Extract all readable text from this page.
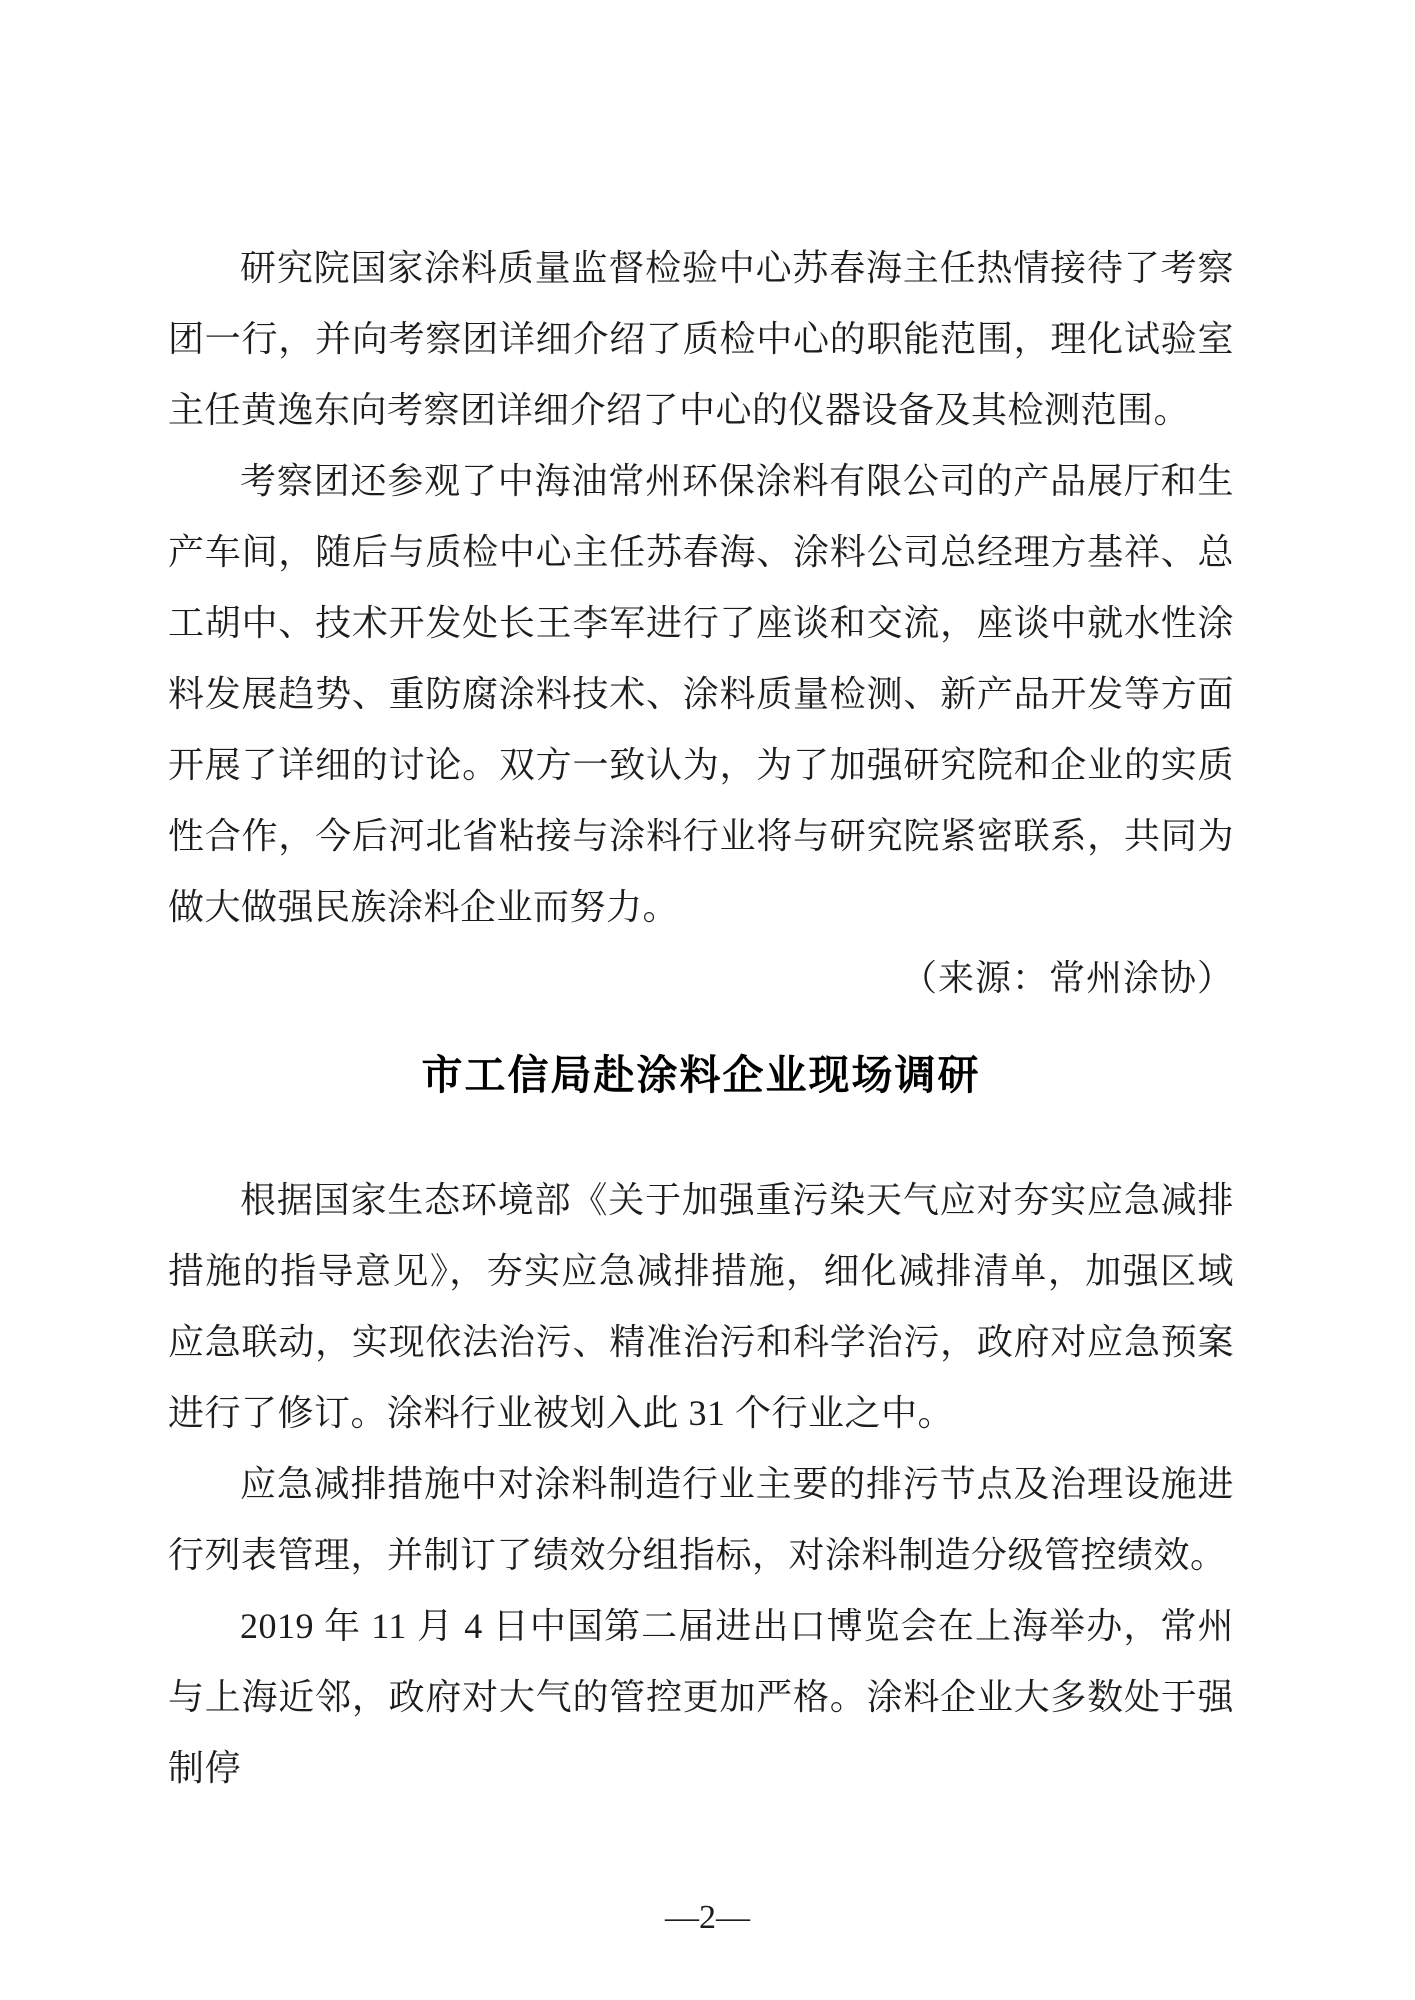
研究院国家涂料质量监督检验中心苏春海主任热情接待了考察团一行，并向考察团详细介绍了质检中心的职能范围，理化试验室主任黄逸东向考察团详细介绍了中心的仪器设备及其检测范围。

考察团还参观了中海油常州环保涂料有限公司的产品展厅和生产车间，随后与质检中心主任苏春海、涂料公司总经理方基祥、总工胡中、技术开发处长王李军进行了座谈和交流，座谈中就水性涂料发展趋势、重防腐涂料技术、涂料质量检测、新产品开发等方面开展了详细的讨论。双方一致认为，为了加强研究院和企业的实质性合作，今后河北省粘接与涂料行业将与研究院紧密联系，共同为做大做强民族涂料企业而努力。

（来源：常州涂协）

市工信局赴涂料企业现场调研

根据国家生态环境部《关于加强重污染天气应对夯实应急减排措施的指导意见》，夯实应急减排措施，细化减排清单，加强区域应急联动，实现依法治污、精准治污和科学治污，政府对应急预案进行了修订。涂料行业被划入此 31 个行业之中。

应急减排措施中对涂料制造行业主要的排污节点及治理设施进行列表管理，并制订了绩效分组指标，对涂料制造分级管控绩效。

2019 年 11 月 4 日中国第二届进出口博览会在上海举办，常州与上海近邻，政府对大气的管控更加严格。涂料企业大多数处于强制停

—2—
